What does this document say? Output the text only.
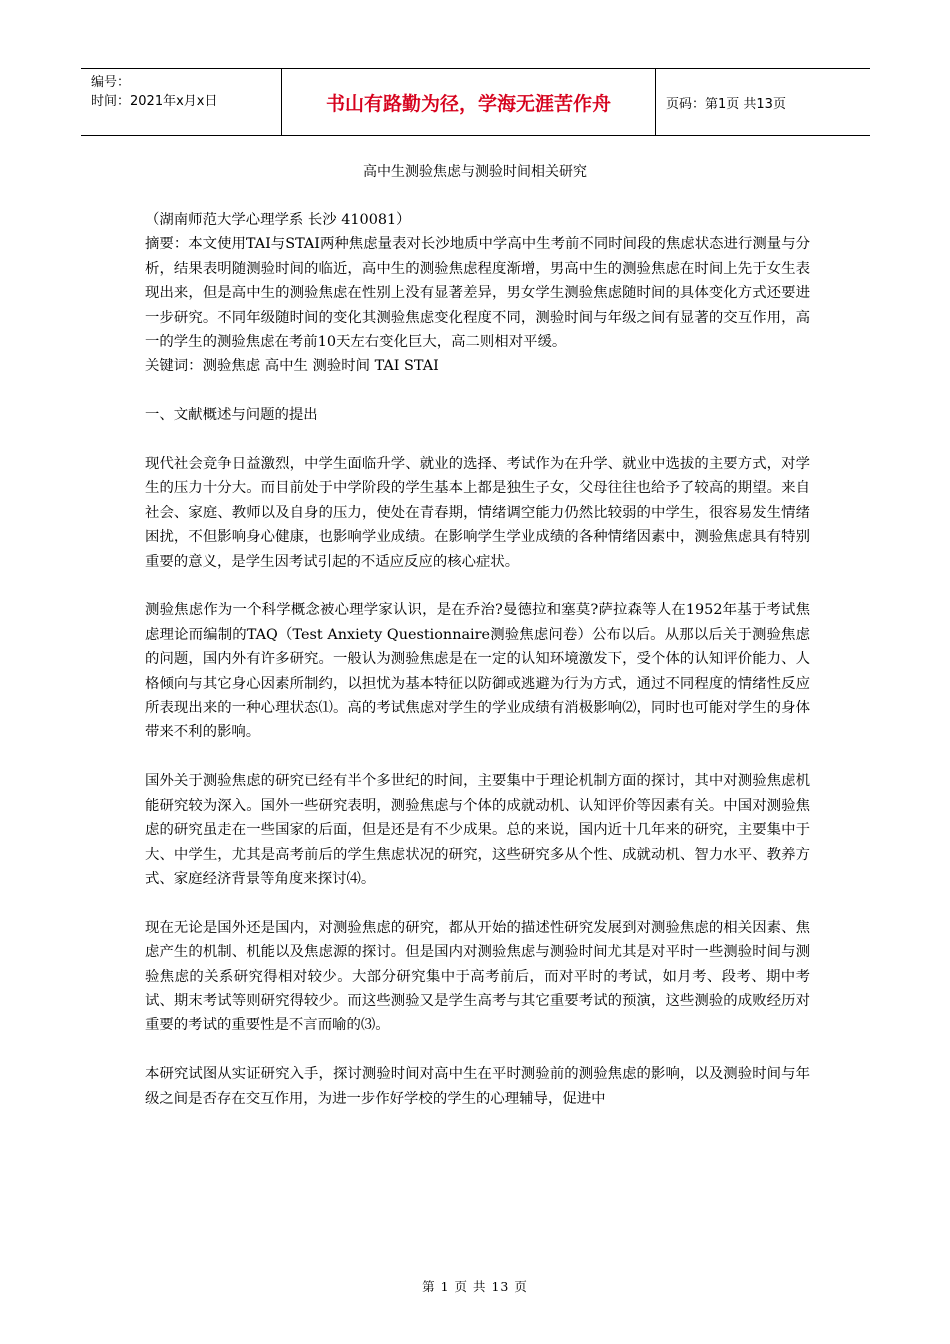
编号：
时间：2021年x月x日	书山有路勤为径，学海无涯苦作舟	页码：第1页 共13页
高中生测验焦虑与测验时间相关研究

（湖南师范大学心理学系 长沙 410081）

摘要：本文使用TAI与STAI两种焦虑量表对长沙地质中学高中生考前不同时间段的焦虑状态进行测量与分析，结果表明随测验时间的临近，高中生的测验焦虑程度渐增，男高中生的测验焦虑在时间上先于女生表现出来，但是高中生的测验焦虑在性别上没有显著差异，男女学生测验焦虑随时间的具体变化方式还要进一步研究。不同年级随时间的变化其测验焦虑变化程度不同，测验时间与年级之间有显著的交互作用，高一的学生的测验焦虑在考前10天左右变化巨大，高二则相对平缓。

关键词：测验焦虑 高中生 测验时间 TAI STAI

一、文献概述与问题的提出

现代社会竞争日益激烈，中学生面临升学、就业的选择、考试作为在升学、就业中选拔的主要方式，对学生的压力十分大。而目前处于中学阶段的学生基本上都是独生子女，父母往往也给予了较高的期望。来自社会、家庭、教师以及自身的压力，使处在青春期，情绪调空能力仍然比较弱的中学生，很容易发生情绪困扰，不但影响身心健康，也影响学业成绩。在影响学生学业成绩的各种情绪因素中，测验焦虑具有特别重要的意义，是学生因考试引起的不适应反应的核心症状。

测验焦虑作为一个科学概念被心理学家认识，是在乔治?曼德拉和塞莫?萨拉森等人在1952年基于考试焦虑理论而编制的TAQ（Test Anxiety Questionnaire测验焦虑问卷）公布以后。从那以后关于测验焦虑的问题，国内外有许多研究。一般认为测验焦虑是在一定的认知环境激发下，受个体的认知评价能力、人格倾向与其它身心因素所制约，以担忧为基本特征以防御或逃避为行为方式，通过不同程度的情绪性反应所表现出来的一种心理状态⑴。高的考试焦虑对学生的学业成绩有消极影响⑵，同时也可能对学生的身体带来不利的影响。

国外关于测验焦虑的研究已经有半个多世纪的时间，主要集中于理论机制方面的探讨，其中对测验焦虑机能研究较为深入。国外一些研究表明，测验焦虑与个体的成就动机、认知评价等因素有关。中国对测验焦虑的研究虽走在一些国家的后面，但是还是有不少成果。总的来说，国内近十几年来的研究，主要集中于大、中学生，尤其是高考前后的学生焦虑状况的研究，这些研究多从个性、成就动机、智力水平、教养方式、家庭经济背景等角度来探讨⑷。

现在无论是国外还是国内，对测验焦虑的研究，都从开始的描述性研究发展到对测验焦虑的相关因素、焦虑产生的机制、机能以及焦虑源的探讨。但是国内对测验焦虑与测验时间尤其是对平时一些测验时间与测验焦虑的关系研究得相对较少。大部分研究集中于高考前后，而对平时的考试，如月考、段考、期中考试、期末考试等则研究得较少。而这些测验又是学生高考与其它重要考试的预演，这些测验的成败经历对重要的考试的重要性是不言而喻的⑶。

本研究试图从实证研究入手，探讨测验时间对高中生在平时测验前的测验焦虑的影响，以及测验时间与年级之间是否存在交互作用，为进一步作好学校的学生的心理辅导，促进中

第 1 页 共 13 页
